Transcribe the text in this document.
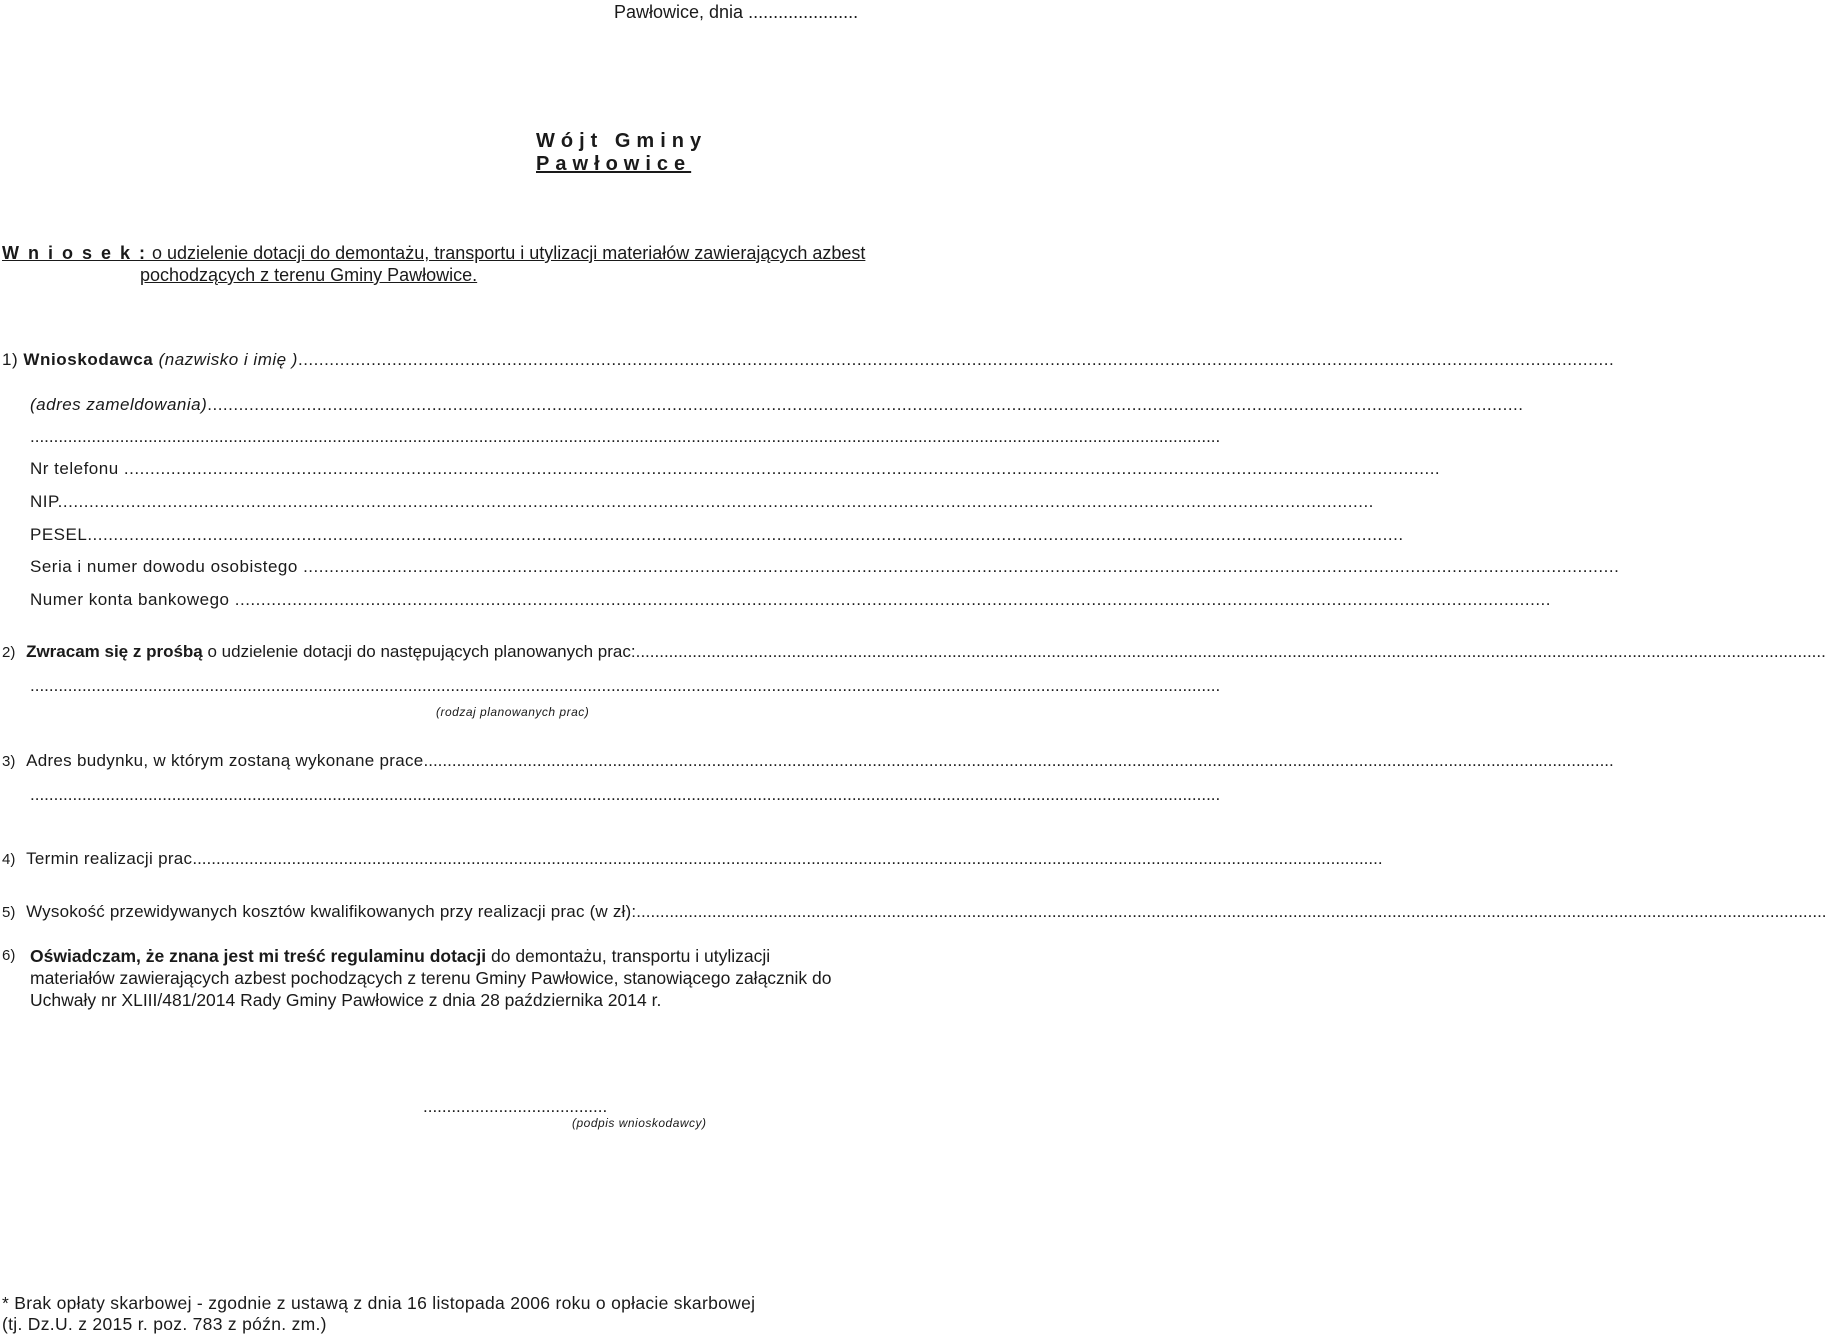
Pawłowice, dnia ......................
Wójt Gminy
Pawłowice
W n i o s e k : o udzielenie dotacji do demontażu, transportu i utylizacji materiałów zawierających azbest
pochodzących z terenu Gminy Pawłowice.
1) Wnioskodawca (nazwisko i imię )............................................................................................................................................................................................................................................................
(adres zameldowania)............................................................................................................................................................................................................................................................
............................................................................................................................................................................................................................................................
Nr telefonu ............................................................................................................................................................................................................................................................
NIP............................................................................................................................................................................................................................................................
PESEL............................................................................................................................................................................................................................................................
Seria i numer dowodu osobistego ............................................................................................................................................................................................................................................................
Numer konta bankowego ............................................................................................................................................................................................................................................................
2) Zwracam się z prośbą o udzielenie dotacji do następujących planowanych prac:............................................................................................................................................................................................................................................................
............................................................................................................................................................................................................................................................
(rodzaj planowanych prac)
3) Adres budynku, w którym zostaną wykonane prace............................................................................................................................................................................................................................................................
............................................................................................................................................................................................................................................................
4) Termin realizacji prac............................................................................................................................................................................................................................................................
5) Wysokość przewidywanych kosztów kwalifikowanych przy realizacji prac (w zł):............................................................................................................................................................................................................................................................
6) Oświadczam, że znana jest mi treść regulaminu dotacji do demontażu, transportu i utylizacji
materiałów zawierających azbest pochodzących z terenu Gminy Pawłowice, stanowiącego załącznik do
Uchwały nr XLIII/481/2014 Rady Gminy Pawłowice z dnia 28 października 2014 r.
.......................................
(podpis wnioskodawcy)
* Brak opłaty skarbowej - zgodnie z ustawą z dnia 16 listopada 2006 roku o opłacie skarbowej
(tj. Dz.U. z 2015 r. poz. 783 z późn. zm.)
